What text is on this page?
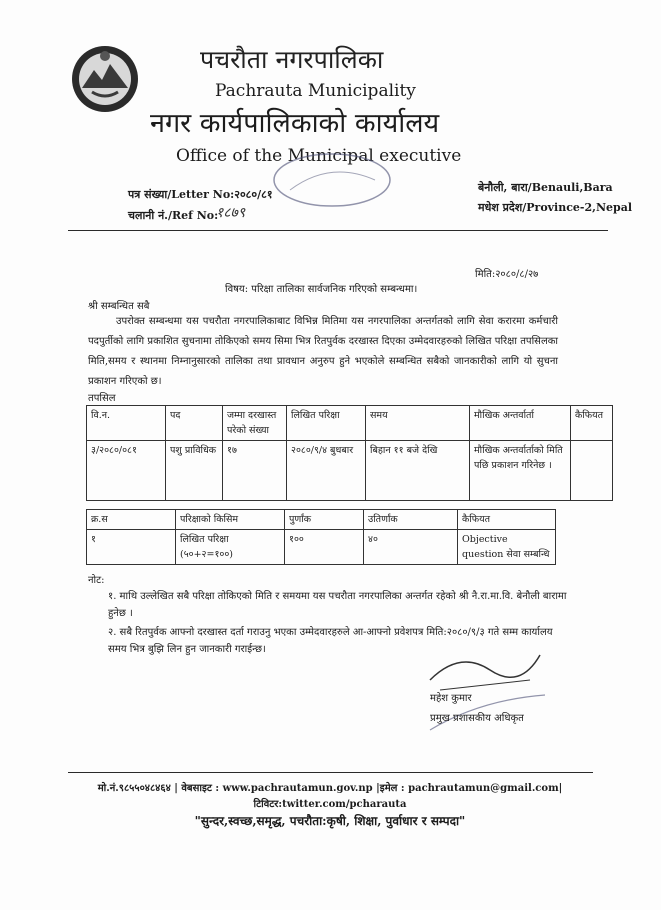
पचरौता नगरपालिका
Pachrauta Municipality
नगर कार्यपालिकाको कार्यालय
Office of the Municipal executive
पत्र संख्या/Letter No:२०८०/८१
चलानी नं./Ref No:
१८७९
बेनौली, बारा/Benauli,Bara
मधेश प्रदेश/Province-2,Nepal
मिति:२०८०/८/२७
विषय: परिक्षा तालिका सार्वजनिक गरिएको सम्बन्धमा।
श्री सम्बन्धित सबै
उपरोक्त सम्बन्धमा यस पचरौता नगरपालिकाबाट विभिन्न मितिमा यस नगरपालिका अन्तर्गतको लागि सेवा करारमा कर्मचारी पदपुर्तीको लागि प्रकाशित सुचनामा तोकिएको समय सिमा भित्र रितपुर्वक दरखास्त दिएका उम्मेदवारहरुको लिखित परिक्षा तपसिलका मिति,समय र स्थानमा निम्नानुसारको तालिका तथा प्रावधान अनुरुप हुने भएकोले सम्बन्धित सबैको जानकारीको लागि यो सुचना प्रकाशन गरिएको छ।
तपसिल
वि.न.	पद	जम्मा दरखास्त परेको संख्या	लिखित परिक्षा	समय	मौखिक अन्तर्वार्ता	कैफियत
३/२०८०/०८१	पशु प्राविधिक	१७	२०८०/९/४ बुधबार	बिहान ११ बजे देखि	मौखिक अन्तर्वार्ताको मिति पछि प्रकाशन गरिनेछ ।	
क्र.स	परिक्षाको किसिम	पुर्णांक	उतिर्णांक	कैफियत
१	लिखित परिक्षा (५०+२=१००)	१००	४०	Objective question सेवा सम्बन्धि
नोट:
१. माथि उल्लेखित सबै परिक्षा तोकिएको मिति र समयमा यस पचरौता नगरपालिका अन्तर्गत रहेको श्री नै.रा.मा.वि. बेनौली बारामा हुनेछ ।
२. सबै रितपुर्वक आफ्नो दरखास्त दर्ता गराउनु भएका उम्मेदवारहरुले आ-आफ्नो प्रवेशपत्र मिति:२०८०/९/३ गते सम्म कार्यालय समय भित्र बुझि लिन हुन जानकारी गराईन्छ।
महेश कुमार
प्रमुख प्रशासकीय अधिकृत
मो.नं.९८५५०४८४६४ | वेबसाइट : www.pachrautamun.gov.np |इमेल : pachrautamun@gmail.com|
टिविटर:twitter.com/pcharauta
"सुन्दर,स्वच्छ,समृद्ध, पचरौता:कृषी, शिक्षा, पुर्वाधार र सम्पदा"
